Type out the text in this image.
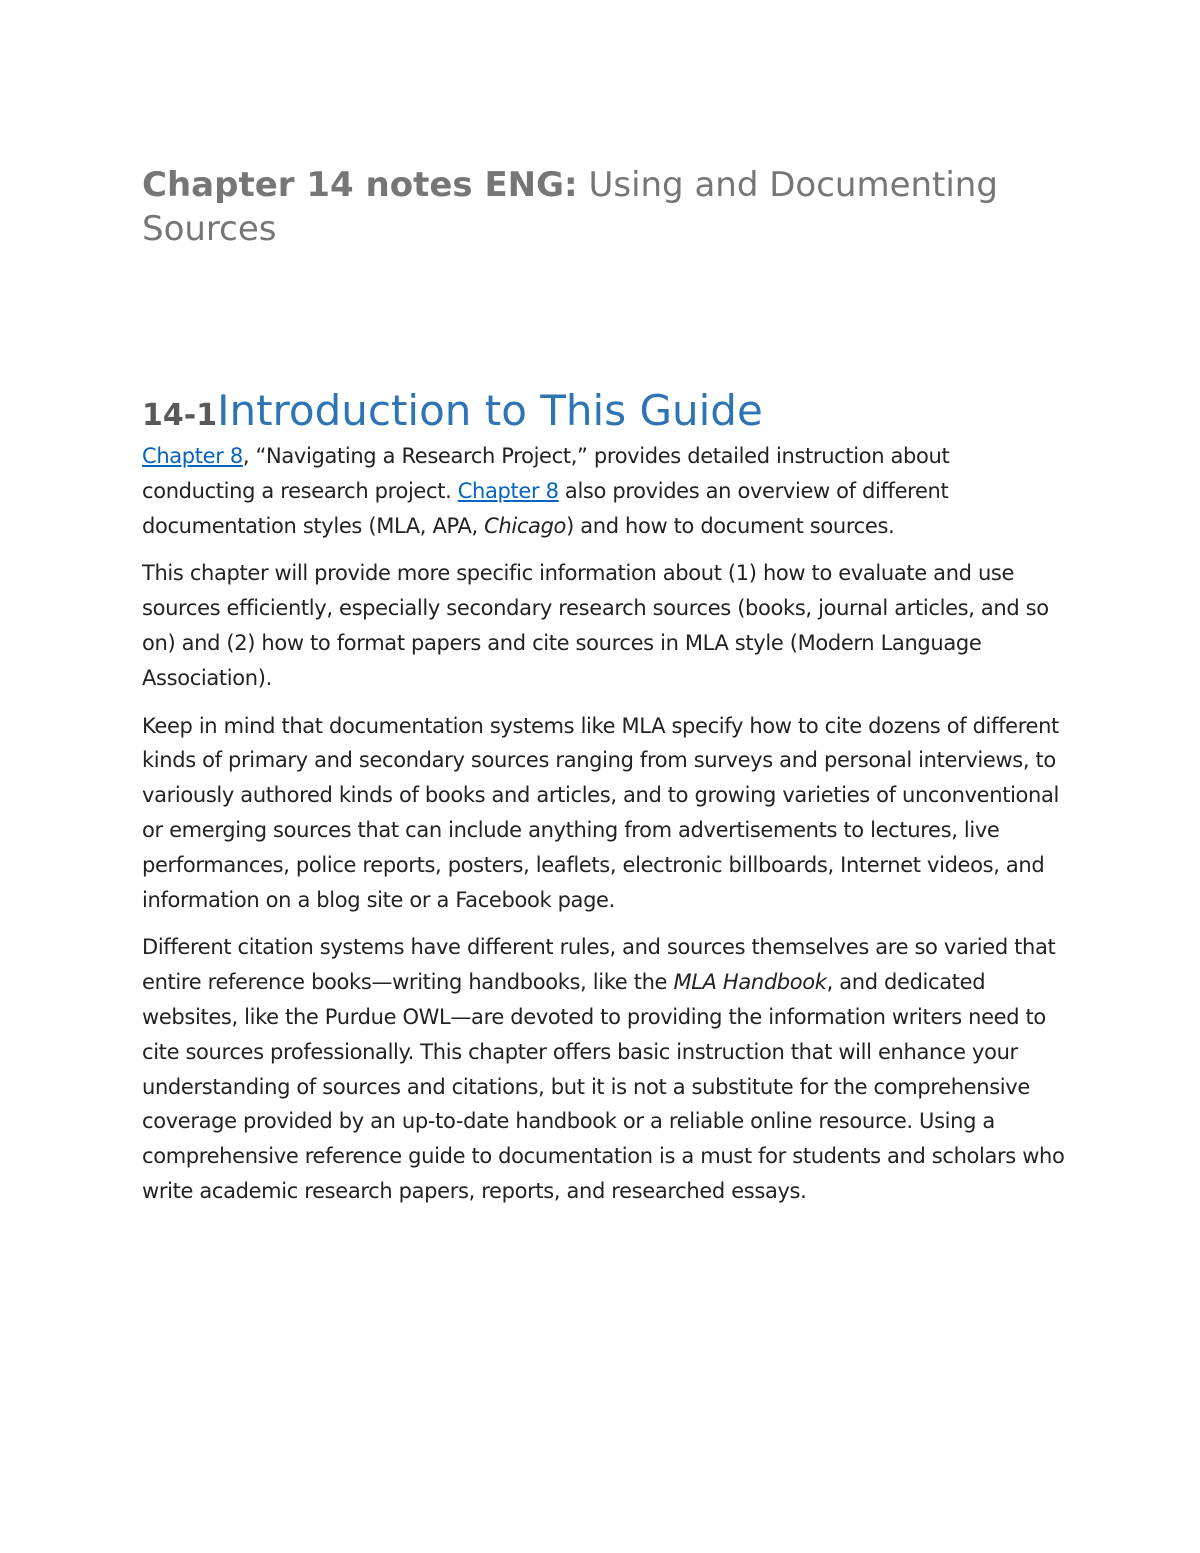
Chapter 14 notes ENG: Using and Documenting Sources
14-1Introduction to This Guide

Chapter 8, “Navigating a Research Project,” provides detailed instruction about conducting a research project. Chapter 8 also provides an overview of different documentation styles (MLA, APA, Chicago) and how to document sources.

This chapter will provide more specific information about (1) how to evaluate and use sources efficiently, especially secondary research sources (books, journal articles, and so on) and (2) how to format papers and cite sources in MLA style (Modern Language Association).

Keep in mind that documentation systems like MLA specify how to cite dozens of different kinds of primary and secondary sources ranging from surveys and personal interviews, to variously authored kinds of books and articles, and to growing varieties of unconventional or emerging sources that can include anything from advertisements to lectures, live performances, police reports, posters, leaflets, electronic billboards, Internet videos, and information on a blog site or a Facebook page.

Different citation systems have different rules, and sources themselves are so varied that entire reference books—writing handbooks, like the MLA Handbook, and dedicated websites, like the Purdue OWL—are devoted to providing the information writers need to cite sources professionally. This chapter offers basic instruction that will enhance your understanding of sources and citations, but it is not a substitute for the comprehensive coverage provided by an up-to-date handbook or a reliable online resource. Using a comprehensive reference guide to documentation is a must for students and scholars who write academic research papers, reports, and researched essays.
